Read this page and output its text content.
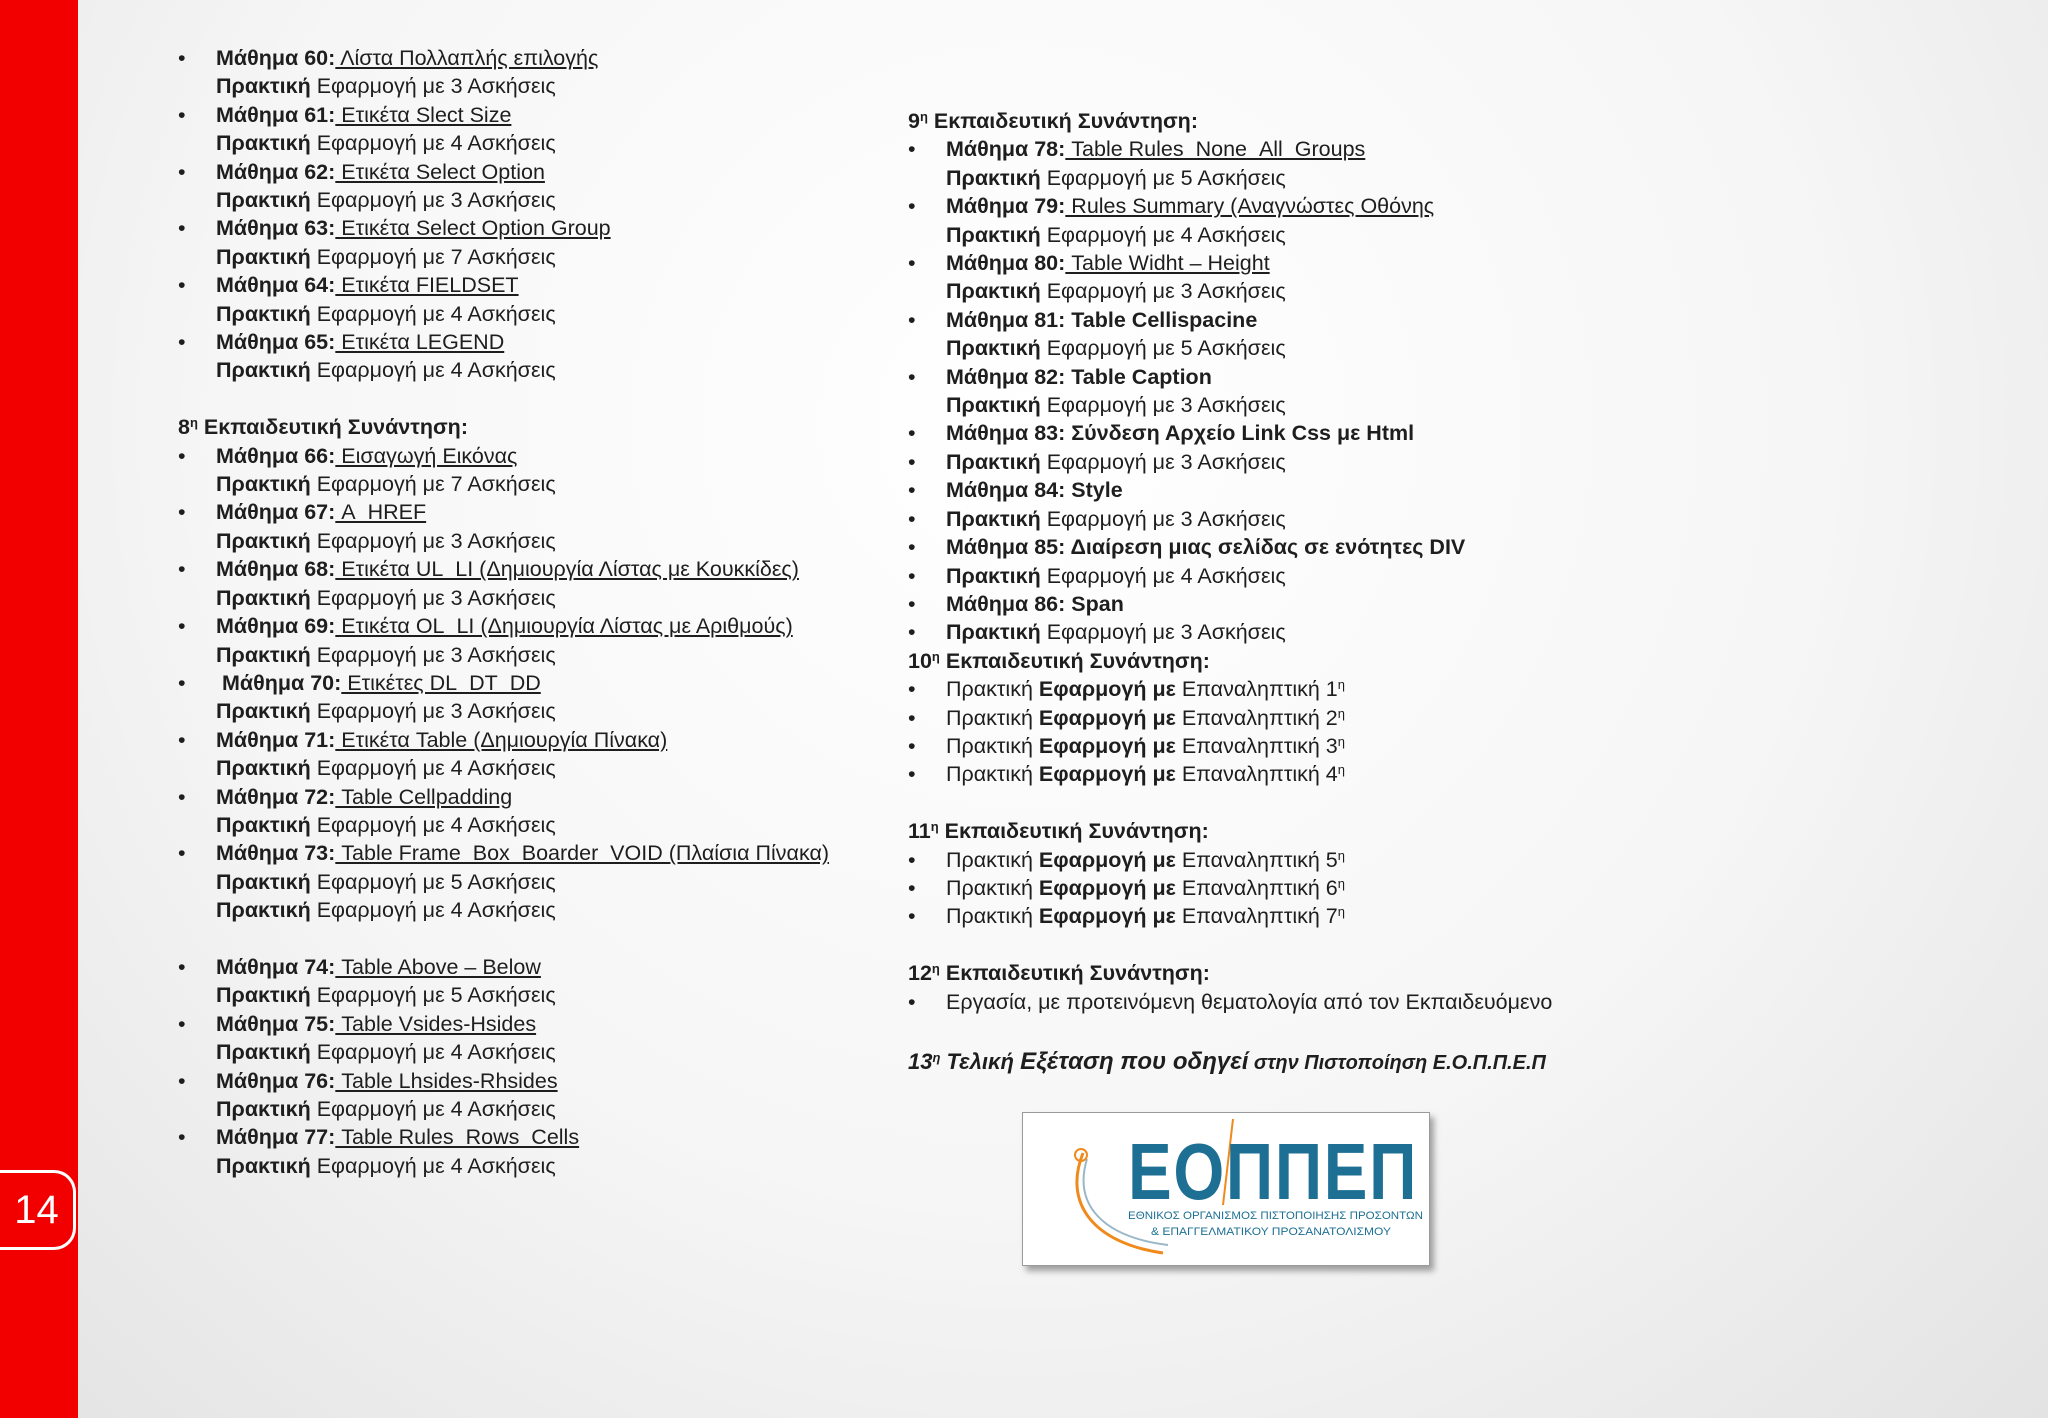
14
• Μάθημα 60: Λίστα Πολλαπλής επιλογής
Πρακτική Εφαρμογή με 3 Ασκήσεις
• Μάθημα 61: Ετικέτα Slect Size
Πρακτική Εφαρμογή με 4 Ασκήσεις
• Μάθημα 62: Ετικέτα Select Option
Πρακτική Εφαρμογή με 3 Ασκήσεις
• Μάθημα 63: Ετικέτα Select Option Group
Πρακτική Εφαρμογή με 7 Ασκήσεις
• Μάθημα 64: Ετικέτα FIELDSET
Πρακτική Εφαρμογή με 4 Ασκήσεις
• Μάθημα 65: Ετικέτα LEGEND
Πρακτική Εφαρμογή με 4 Ασκήσεις
$8^\eta$ Εκπαιδευτική Συνάντηση:
• Μάθημα 66: Εισαγωγή Εικόνας
Πρακτική Εφαρμογή με 7 Ασκήσεις
• Μάθημα 67: A_HREF
Πρακτική Εφαρμογή με 3 Ασκήσεις
• Μάθημα 68: Ετικέτα UL_LI (Δημιουργία Λίστας με Κουκκίδες)
Πρακτική Εφαρμογή με 3 Ασκήσεις
• Μάθημα 69: Ετικέτα OL_LI (Δημιουργία Λίστας με Αριθμούς)
Πρακτική Εφαρμογή με 3 Ασκήσεις
• Μάθημα 70: Ετικέτες DL_DT_DD
Πρακτική Εφαρμογή με 3 Ασκήσεις
• Μάθημα 71: Ετικέτα Table (Δημιουργία Πίνακα)
Πρακτική Εφαρμογή με 4 Ασκήσεις
• Μάθημα 72: Table Cellpadding
Πρακτική Εφαρμογή με 4 Ασκήσεις
• Μάθημα 73: Table Frame_Box_Boarder_VOID (Πλαίσια Πίνακα)
Πρακτική Εφαρμογή με 5 Ασκήσεις
Πρακτική Εφαρμογή με 4 Ασκήσεις
• Μάθημα 74: Table Above – Below
Πρακτική Εφαρμογή με 5 Ασκήσεις
• Μάθημα 75: Table Vsides-Hsides
Πρακτική Εφαρμογή με 4 Ασκήσεις
• Μάθημα 76: Table Lhsides-Rhsides
Πρακτική Εφαρμογή με 4 Ασκήσεις
• Μάθημα 77: Table Rules_Rows_Cells
Πρακτική Εφαρμογή με 4 Ασκήσεις
$9^\eta$ Εκπαιδευτική Συνάντηση:
• Μάθημα 78: Table Rules_None_All_Groups
Πρακτική Εφαρμογή με 5 Ασκήσεις
• Μάθημα 79: Rules Summary (Αναγνώστες Οθόνης
Πρακτική Εφαρμογή με 4 Ασκήσεις
• Μάθημα 80: Table Widht – Height
Πρακτική Εφαρμογή με 3 Ασκήσεις
• Μάθημα 81: Table Cellispacine
Πρακτική Εφαρμογή με 5 Ασκήσεις
• Μάθημα 82: Table Caption
Πρακτική Εφαρμογή με 3 Ασκήσεις
• Μάθημα 83: Σύνδεση Αρχείο Link Css με Html
• Πρακτική Εφαρμογή με 3 Ασκήσεις
• Μάθημα 84: Style
• Πρακτική Εφαρμογή με 3 Ασκήσεις
• Μάθημα 85: Διαίρεση μιας σελίδας σε ενότητες DIV
• Πρακτική Εφαρμογή με 4 Ασκήσεις
• Μάθημα 86: Span
• Πρακτική Εφαρμογή με 3 Ασκήσεις
$10^\eta$ Εκπαιδευτική Συνάντηση:
• Πρακτική Εφαρμογή με Επαναληπτική $1^\eta$
• Πρακτική Εφαρμογή με Επαναληπτική $2^\eta$
• Πρακτική Εφαρμογή με Επαναληπτική $3^\eta$
• Πρακτική Εφαρμογή με Επαναληπτική $4^\eta$
$11^\eta$ Εκπαιδευτική Συνάντηση:
• Πρακτική Εφαρμογή με Επαναληπτική $5^\eta$
• Πρακτική Εφαρμογή με Επαναληπτική $6^\eta$
• Πρακτική Εφαρμογή με Επαναληπτική $7^\eta$
$12^\eta$ Εκπαιδευτική Συνάντηση:
• Εργασία, με προτεινόμενη θεματολογία από τον Εκπαιδευόμενο
$13^\eta$ Τελική Εξέταση που οδηγεί στην Πιστοποίηση Ε.Ο.Π.Π.Ε.Π
ΕΟΠΠΕΠ
ΕΘΝΙΚΟΣ ΟΡΓΑΝΙΣΜΟΣ ΠΙΣΤΟΠΟΙΗΣΗΣ ΠΡΟΣΟΝΤΩΝ
& ΕΠΑΓΓΕΛΜΑΤΙΚΟΥ ΠΡΟΣΑΝΑΤΟΛΙΣΜΟΥ
